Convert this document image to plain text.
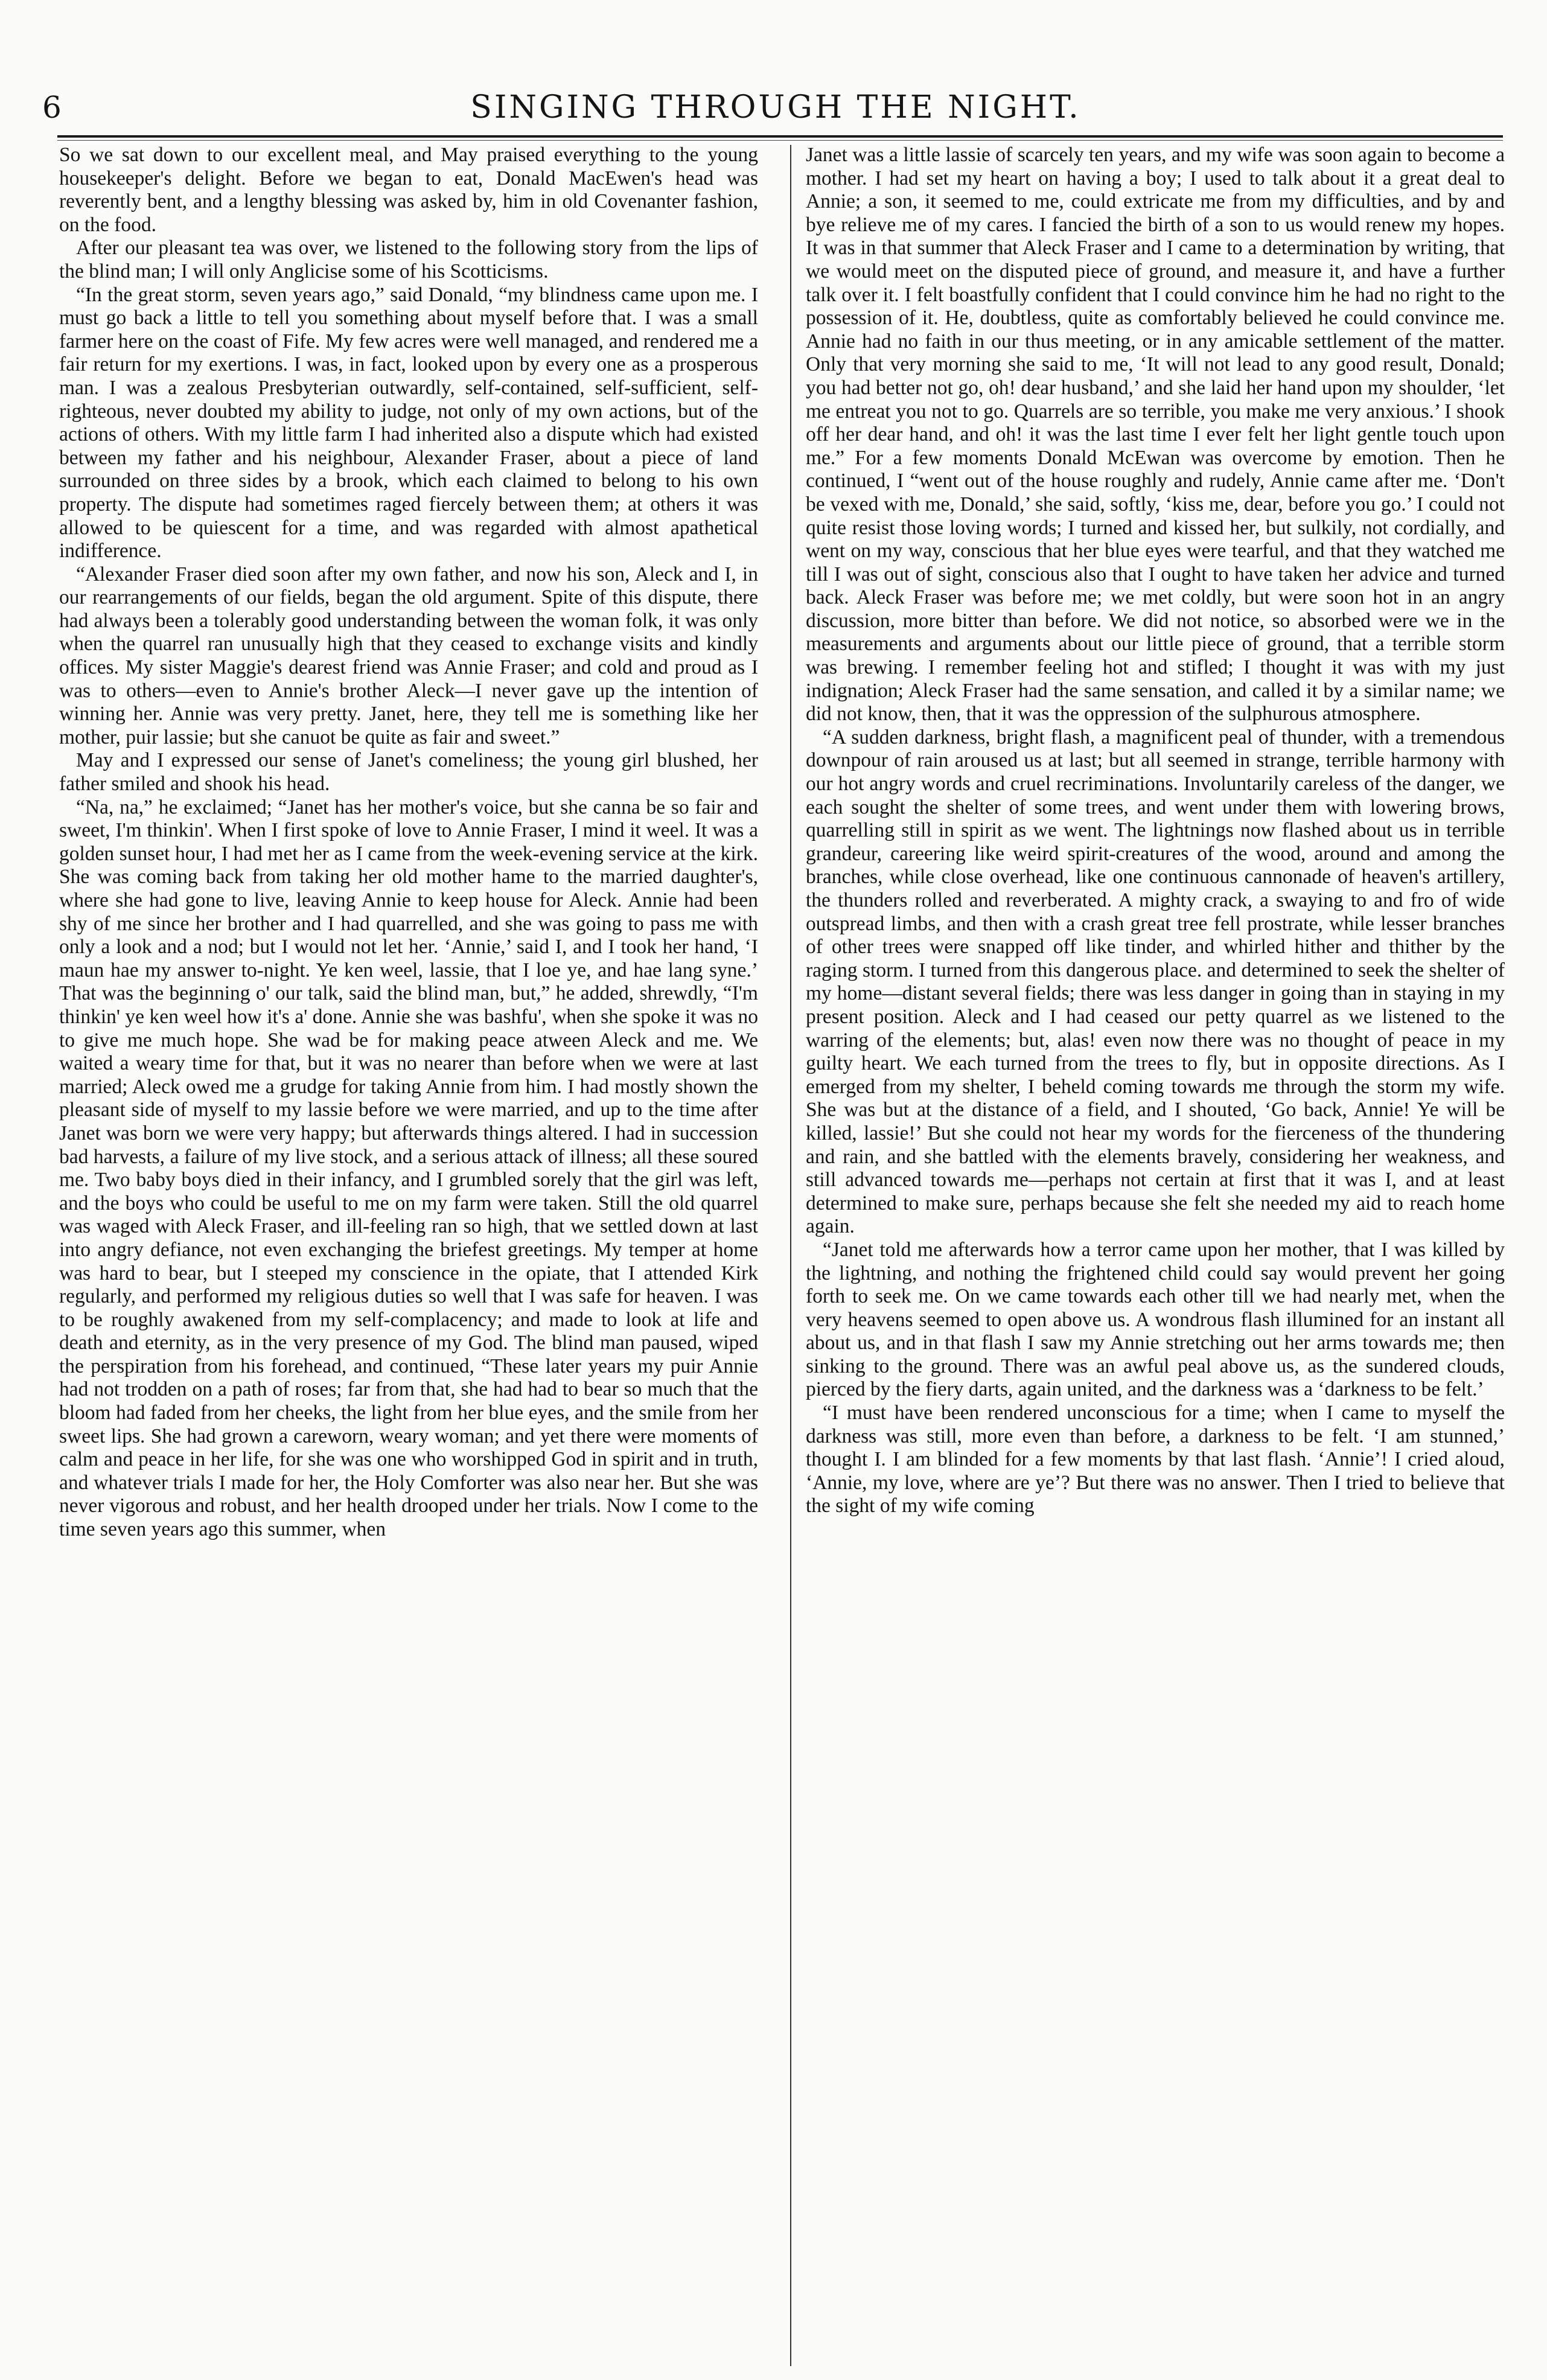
6	SINGING THROUGH THE NIGHT.

So we sat down to our excellent meal, and May praised everything to the young housekeeper's delight. Before we began to eat, Donald MacEwen's head was reverently bent, and a lengthy blessing was asked by, him in old Covenanter fashion, on the food.

After our pleasant tea was over, we listened to the following story from the lips of the blind man; I will only Anglicise some of his Scotticisms.

“In the great storm, seven years ago,” said Donald, “my blindness came upon me. I must go back a little to tell you something about myself before that. I was a small farmer here on the coast of Fife. My few acres were well managed, and rendered me a fair return for my exertions. I was, in fact, looked upon by every one as a prosperous man. I was a zealous Presbyterian outwardly, self-contained, self-sufficient, self-righteous, never doubted my ability to judge, not only of my own actions, but of the actions of others. With my little farm I had inherited also a dispute which had existed between my father and his neighbour, Alexander Fraser, about a piece of land surrounded on three sides by a brook, which each claimed to belong to his own property. The dispute had sometimes raged fiercely between them; at others it was allowed to be quiescent for a time, and was regarded with almost apathetical indifference.

“Alexander Fraser died soon after my own father, and now his son, Aleck and I, in our rearrangements of our fields, began the old argument. Spite of this dispute, there had always been a tolerably good understanding between the woman folk, it was only when the quarrel ran unusually high that they ceased to exchange visits and kindly offices. My sister Maggie's dearest friend was Annie Fraser; and cold and proud as I was to others—even to Annie's brother Aleck—I never gave up the intention of winning her. Annie was very pretty. Janet, here, they tell me is something like her mother, puir lassie; but she canuot be quite as fair and sweet.”

May and I expressed our sense of Janet's comeliness; the young girl blushed, her father smiled and shook his head.

“Na, na,” he exclaimed; “Janet has her mother's voice, but she canna be so fair and sweet, I'm thinkin'. When I first spoke of love to Annie Fraser, I mind it weel. It was a golden sunset hour, I had met her as I came from the week-evening service at the kirk. She was coming back from taking her old mother hame to the married daughter's, where she had gone to live, leaving Annie to keep house for Aleck. Annie had been shy of me since her brother and I had quarrelled, and she was going to pass me with only a look and a nod; but I would not let her. ‘Annie,’ said I, and I took her hand, ‘I maun hae my answer to-night. Ye ken weel, lassie, that I loe ye, and hae lang syne.’ That was the beginning o' our talk, said the blind man, but,” he added, shrewdly, “I'm thinkin' ye ken weel how it's a' done. Annie she was bashfu', when she spoke it was no to give me much hope. She wad be for making peace atween Aleck and me. We waited a weary time for that, but it was no nearer than before when we were at last married; Aleck owed me a grudge for taking Annie from him. I had mostly shown the pleasant side of myself to my lassie before we were married, and up to the time after Janet was born we were very happy; but afterwards things altered. I had in succession bad harvests, a failure of my live stock, and a serious attack of illness; all these soured me. Two baby boys died in their infancy, and I grumbled sorely that the girl was left, and the boys who could be useful to me on my farm were taken. Still the old quarrel was waged with Aleck Fraser, and ill-feeling ran so high, that we settled down at last into angry defiance, not even exchanging the briefest greetings. My temper at home was hard to bear, but I steeped my conscience in the opiate, that I attended Kirk regularly, and performed my religious duties so well that I was safe for heaven. I was to be roughly awakened from my self-complacency; and made to look at life and death and eternity, as in the very presence of my God. The blind man paused, wiped the perspiration from his forehead, and continued, “These later years my puir Annie had not trodden on a path of roses; far from that, she had had to bear so much that the bloom had faded from her cheeks, the light from her blue eyes, and the smile from her sweet lips. She had grown a careworn, weary woman; and yet there were moments of calm and peace in her life, for she was one who worshipped God in spirit and in truth, and whatever trials I made for her, the Holy Comforter was also near her. But she was never vigorous and robust, and her health drooped under her trials. Now I come to the time seven years ago this summer, when

Janet was a little lassie of scarcely ten years, and my wife was soon again to become a mother. I had set my heart on having a boy; I used to talk about it a great deal to Annie; a son, it seemed to me, could extricate me from my difficulties, and by and bye relieve me of my cares. I fancied the birth of a son to us would renew my hopes. It was in that summer that Aleck Fraser and I came to a determination by writing, that we would meet on the disputed piece of ground, and measure it, and have a further talk over it. I felt boastfully confident that I could convince him he had no right to the possession of it. He, doubtless, quite as comfortably believed he could convince me. Annie had no faith in our thus meeting, or in any amicable settlement of the matter. Only that very morning she said to me, ‘It will not lead to any good result, Donald; you had better not go, oh! dear husband,’ and she laid her hand upon my shoulder, ‘let me entreat you not to go. Quarrels are so terrible, you make me very anxious.’ I shook off her dear hand, and oh! it was the last time I ever felt her light gentle touch upon me.” For a few moments Donald McEwan was overcome by emotion. Then he continued, I “went out of the house roughly and rudely, Annie came after me. ‘Don't be vexed with me, Donald,’ she said, softly, ‘kiss me, dear, before you go.’ I could not quite resist those loving words; I turned and kissed her, but sulkily, not cordially, and went on my way, conscious that her blue eyes were tearful, and that they watched me till I was out of sight, conscious also that I ought to have taken her advice and turned back. Aleck Fraser was before me; we met coldly, but were soon hot in an angry discussion, more bitter than before. We did not notice, so absorbed were we in the measurements and arguments about our little piece of ground, that a terrible storm was brewing. I remember feeling hot and stifled; I thought it was with my just indignation; Aleck Fraser had the same sensation, and called it by a similar name; we did not know, then, that it was the oppression of the sulphurous atmosphere.

“A sudden darkness, bright flash, a magnificent peal of thunder, with a tremendous downpour of rain aroused us at last; but all seemed in strange, terrible harmony with our hot angry words and cruel recriminations. Involuntarily careless of the danger, we each sought the shelter of some trees, and went under them with lowering brows, quarrelling still in spirit as we went. The lightnings now flashed about us in terrible grandeur, careering like weird spirit-creatures of the wood, around and among the branches, while close overhead, like one continuous cannonade of heaven's artillery, the thunders rolled and reverberated. A mighty crack, a swaying to and fro of wide outspread limbs, and then with a crash great tree fell prostrate, while lesser branches of other trees were snapped off like tinder, and whirled hither and thither by the raging storm. I turned from this dangerous place. and determined to seek the shelter of my home—distant several fields; there was less danger in going than in staying in my present position. Aleck and I had ceased our petty quarrel as we listened to the warring of the elements; but, alas! even now there was no thought of peace in my guilty heart. We each turned from the trees to fly, but in opposite directions. As I emerged from my shelter, I beheld coming towards me through the storm my wife. She was but at the distance of a field, and I shouted, ‘Go back, Annie! Ye will be killed, lassie!’ But she could not hear my words for the fierceness of the thundering and rain, and she battled with the elements bravely, considering her weakness, and still advanced towards me—perhaps not certain at first that it was I, and at least determined to make sure, perhaps because she felt she needed my aid to reach home again.

“Janet told me afterwards how a terror came upon her mother, that I was killed by the lightning, and nothing the frightened child could say would prevent her going forth to seek me. On we came towards each other till we had nearly met, when the very heavens seemed to open above us. A wondrous flash illumined for an instant all about us, and in that flash I saw my Annie stretching out her arms towards me; then sinking to the ground. There was an awful peal above us, as the sundered clouds, pierced by the fiery darts, again united, and the darkness was a ‘darkness to be felt.’

“I must have been rendered unconscious for a time; when I came to myself the darkness was still, more even than before, a darkness to be felt. ‘I am stunned,’ thought I. I am blinded for a few moments by that last flash. ‘Annie’! I cried aloud, ‘Annie, my love, where are ye’? But there was no answer. Then I tried to believe that the sight of my wife coming
